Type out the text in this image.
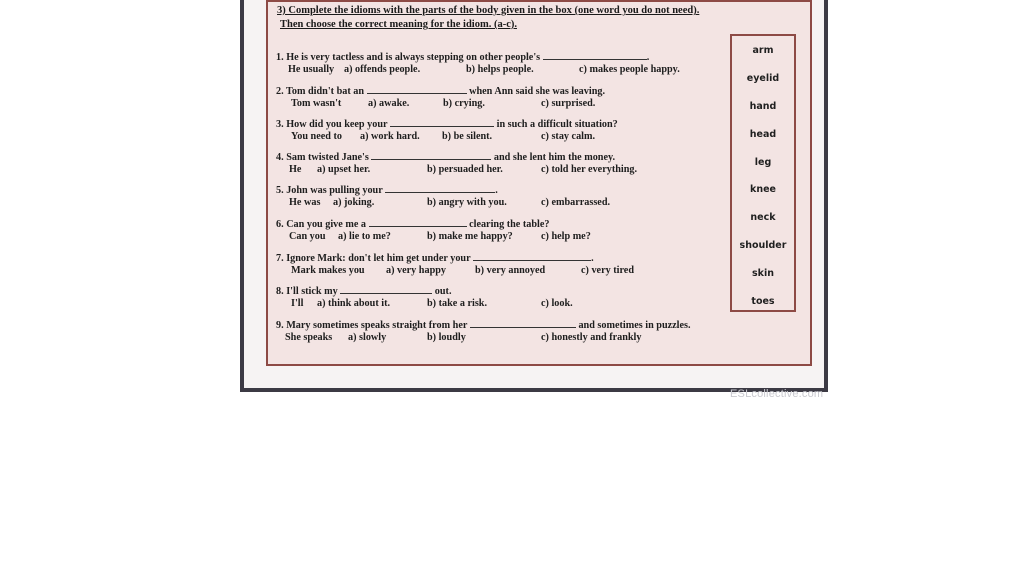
3) Complete the idioms with the parts of the body given in the box (one word you do not need).
Then choose the correct meaning for the idiom. (a-c).
1. He is very tactless and is always stepping on other people's	.
He usually a) offends people.	b) helps people.	c) makes people happy.
2. Tom didn't bat an	when Ann said she was leaving.
Tom wasn't	a) awake.	b) crying.	c) surprised.
3. How did you keep your	in such a difficult situation?
You need to a) work hard. b) be silent.	c) stay calm.
4. Sam twisted Jane's	and she lent him the money.
He a) upset her.	b) persuaded her.	c) told her everything.
5. John was pulling your	.
He was a) joking.	b) angry with you.	c) embarrassed.
6. Can you give me a	clearing the table?
Can you a) lie to me?	b) make me happy?	c) help me?
7. Ignore Mark: don't let him get under your	.
Mark makes you a) very happy	b) very annoyed	c) very tired
8. I'll stick my	out.
I'll a) think about it.	b) take a risk.	c) look.
9. Mary sometimes speaks straight from her	and sometimes in puzzles.
She speaks a) slowly	b) loudly	c) honestly and frankly
arm
eyelid
hand
head
leg
knee
neck
shoulder
skin
toes
ESLcollective.com
